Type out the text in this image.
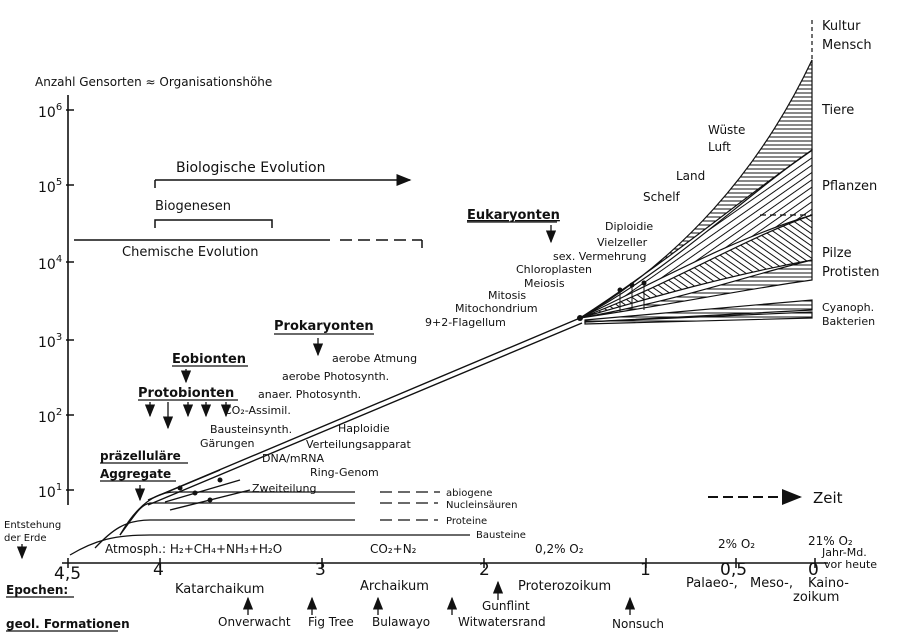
Anzahl Gensorten ≈ Organisationshöhe
$10^1$
$10^2$
$10^3$
$10^4$
$10^5$
$10^6$
4,5	4	3	2	1	0,5	0
Jahr-Md.
vor heute
Zeit
Biologische Evolution
Biogenesen
Chemische Evolution
abiogene
Nucleinsäuren
Proteine
Bausteine
Kultur
Mensch
Tiere
Pflanzen
Pilze
Protisten
Cyanoph.
Bakterien
Wüste
Luft
Land
Schelf
Eukaryonten
sex. Vermehrung
Vielzeller
Diploidie
Chloroplasten
Meiosis
Mitosis
Mitochondrium
9+2-Flagellum
Prokaryonten
aerobe Atmung
aerobe Photosynth.
anaer. Photosynth.
CO₂-Assimil.
Bausteinsynth.
Gärungen
Haploidie
Verteilungsapparat
DNA/mRNA
Ring-Genom
Zweiteilung
Eobionten
Protobionten
präzelluläre
Aggregate
Entstehung
der Erde
Atmosph.: H₂+CH₄+NH₃+H₂O	CO₂+N₂	0,2% O₂	2% O₂	21% O₂
Epochen:	Katarchaikum	Archaikum	Proterozoikum	Palaeo-, Meso-, Kaino-
zoikum
geol. Formationen	Onverwacht Fig Tree Bulawayo Witwatersrand
Gunflint
Nonsuch
